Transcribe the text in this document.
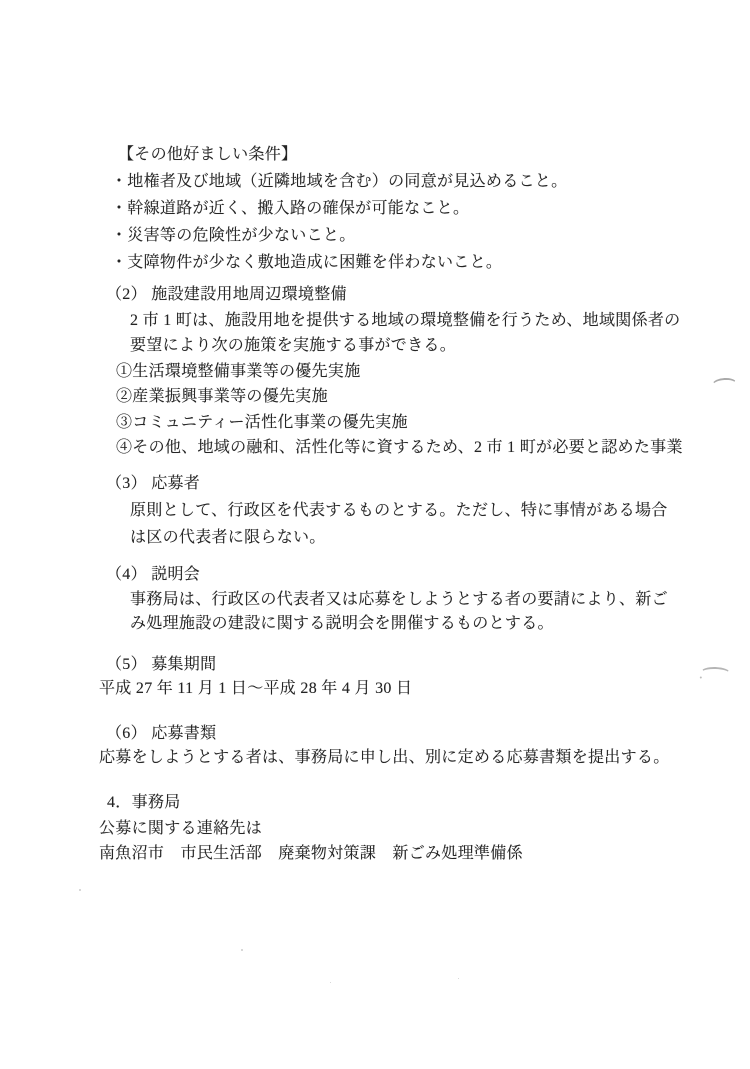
【その他好ましい条件】
・地権者及び地域（近隣地域を含む）の同意が見込めること。
・幹線道路が近く、搬入路の確保が可能なこと。
・災害等の危険性が少ないこと。
・支障物件が少なく敷地造成に困難を伴わないこと。
（2） 施設建設用地周辺環境整備
2 市 1 町は、施設用地を提供する地域の環境整備を行うため、地域関係者の
要望により次の施策を実施する事ができる。
①生活環境整備事業等の優先実施
②産業振興事業等の優先実施
③コミュニティー活性化事業の優先実施
④その他、地域の融和、活性化等に資するため、2 市 1 町が必要と認めた事業
（3） 応募者
原則として、行政区を代表するものとする。ただし、特に事情がある場合
は区の代表者に限らない。
（4） 説明会
事務局は、行政区の代表者又は応募をしようとする者の要請により、新ご
み処理施設の建設に関する説明会を開催するものとする。
（5） 募集期間
平成 27 年 11 月 1 日～平成 28 年 4 月 30 日
（6） 応募書類
応募をしようとする者は、事務局に申し出、別に定める応募書類を提出する。
4．事務局
公募に関する連絡先は
南魚沼市　市民生活部　廃棄物対策課　新ごみ処理準備係
